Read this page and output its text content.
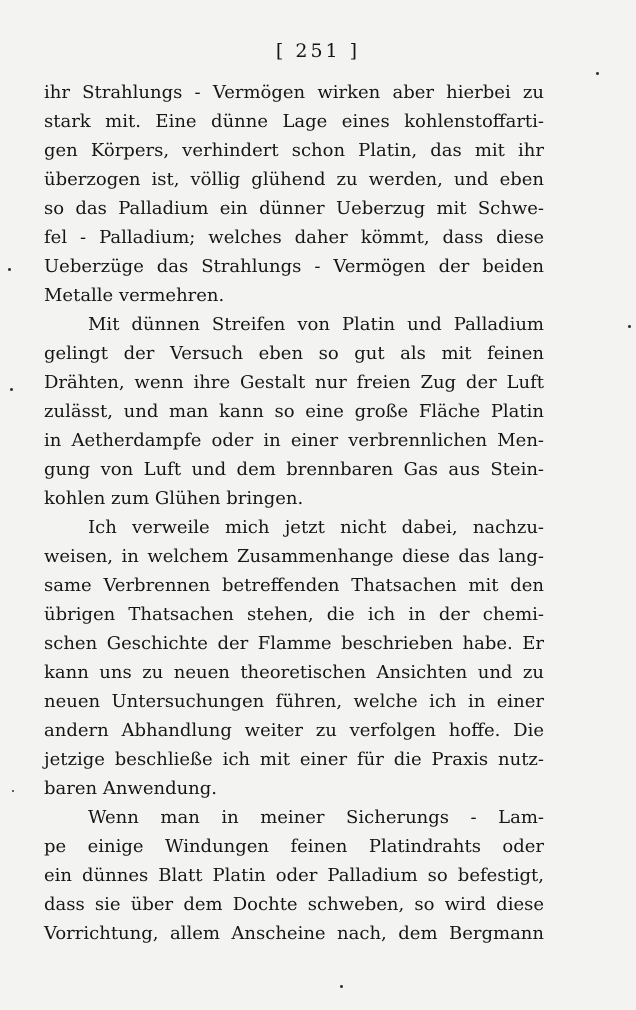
[ 251 ]
ihr Strahlungs - Vermögen wirken aber hierbei zu
stark mit. Eine dünne Lage eines kohlenstoffarti-
gen Körpers, verhindert schon Platin, das mit ihr
überzogen ist, völlig glühend zu werden, und eben
so das Palladium ein dünner Ueberzug mit Schwe-
fel - Palladium; welches daher kömmt, dass diese
Ueberzüge das Strahlungs - Vermögen der beiden
Metalle vermehren.
Mit dünnen Streifen von Platin und Palladium
gelingt der Versuch eben so gut als mit feinen
Drähten, wenn ihre Gestalt nur freien Zug der Luft
zulässt, und man kann so eine große Fläche Platin
in Aetherdampfe oder in einer verbrennlichen Men-
gung von Luft und dem brennbaren Gas aus Stein-
kohlen zum Glühen bringen.
Ich verweile mich jetzt nicht dabei, nachzu-
weisen, in welchem Zusammenhange diese das lang-
same Verbrennen betreffenden Thatsachen mit den
übrigen Thatsachen stehen, die ich in der chemi-
schen Geschichte der Flamme beschrieben habe. Er
kann uns zu neuen theoretischen Ansichten und zu
neuen Untersuchungen führen, welche ich in einer
andern Abhandlung weiter zu verfolgen hoffe. Die
jetzige beschließe ich mit einer für die Praxis nutz-
baren Anwendung.
Wenn man in meiner Sicherungs - Lam-
pe einige Windungen feinen Platindrahts oder
ein dünnes Blatt Platin oder Palladium so befestigt,
dass sie über dem Dochte schweben, so wird diese
Vorrichtung, allem Anscheine nach, dem Bergmann
